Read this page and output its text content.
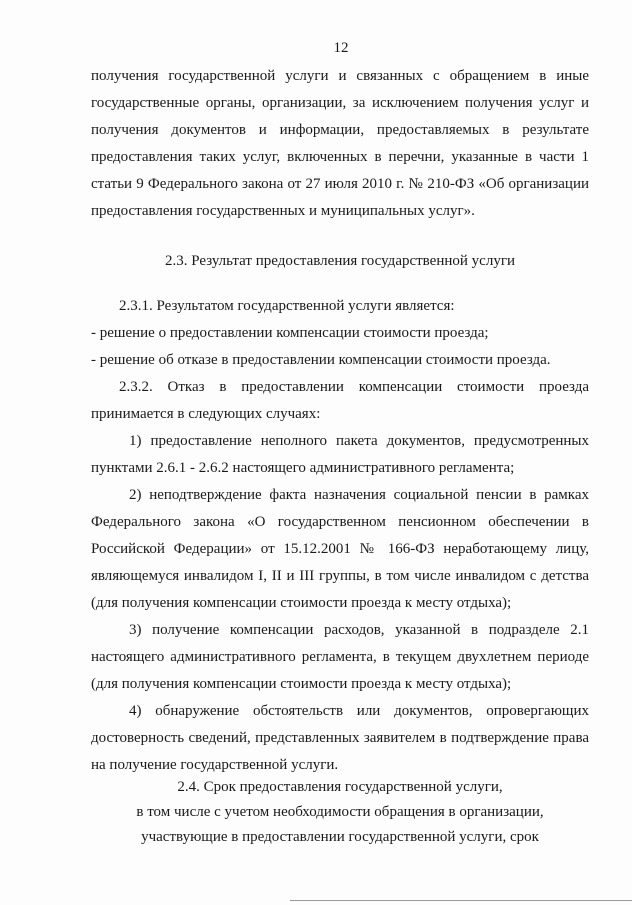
12

получения государственной услуги и связанных с обращением в иные государственные органы, организации, за исключением получения услуг и получения документов и информации, предоставляемых в результате предоставления таких услуг, включенных в перечни, указанные в части 1 статьи 9 Федерального закона от 27 июля 2010 г. № 210-ФЗ «Об организации предоставления государственных и муниципальных услуг».

2.3. Результат предоставления государственной услуги

2.3.1. Результатом государственной услуги является:

- решение о предоставлении компенсации стоимости проезда;

- решение об отказе в предоставлении компенсации стоимости проезда.

2.3.2. Отказ в предоставлении компенсации стоимости проезда принимается в следующих случаях:

1) предоставление неполного пакета документов, предусмотренных пунктами 2.6.1 - 2.6.2 настоящего административного регламента;

2) неподтверждение факта назначения социальной пенсии в рамках Федерального закона «О государственном пенсионном обеспечении в Российской Федерации» от 15.12.2001 № 166-ФЗ неработающему лицу, являющемуся инвалидом I, II и III группы, в том числе инвалидом с детства (для получения компенсации стоимости проезда к месту отдыха);

3) получение компенсации расходов, указанной в подразделе 2.1 настоящего административного регламента, в текущем двухлетнем периоде (для получения компенсации стоимости проезда к месту отдыха);

4) обнаружение обстоятельств или документов, опровергающих достоверность сведений, представленных заявителем в подтверждение права на получение государственной услуги.

2.4. Срок предоставления государственной услуги,
в том числе с учетом необходимости обращения в организации,
участвующие в предоставлении государственной услуги, срок
